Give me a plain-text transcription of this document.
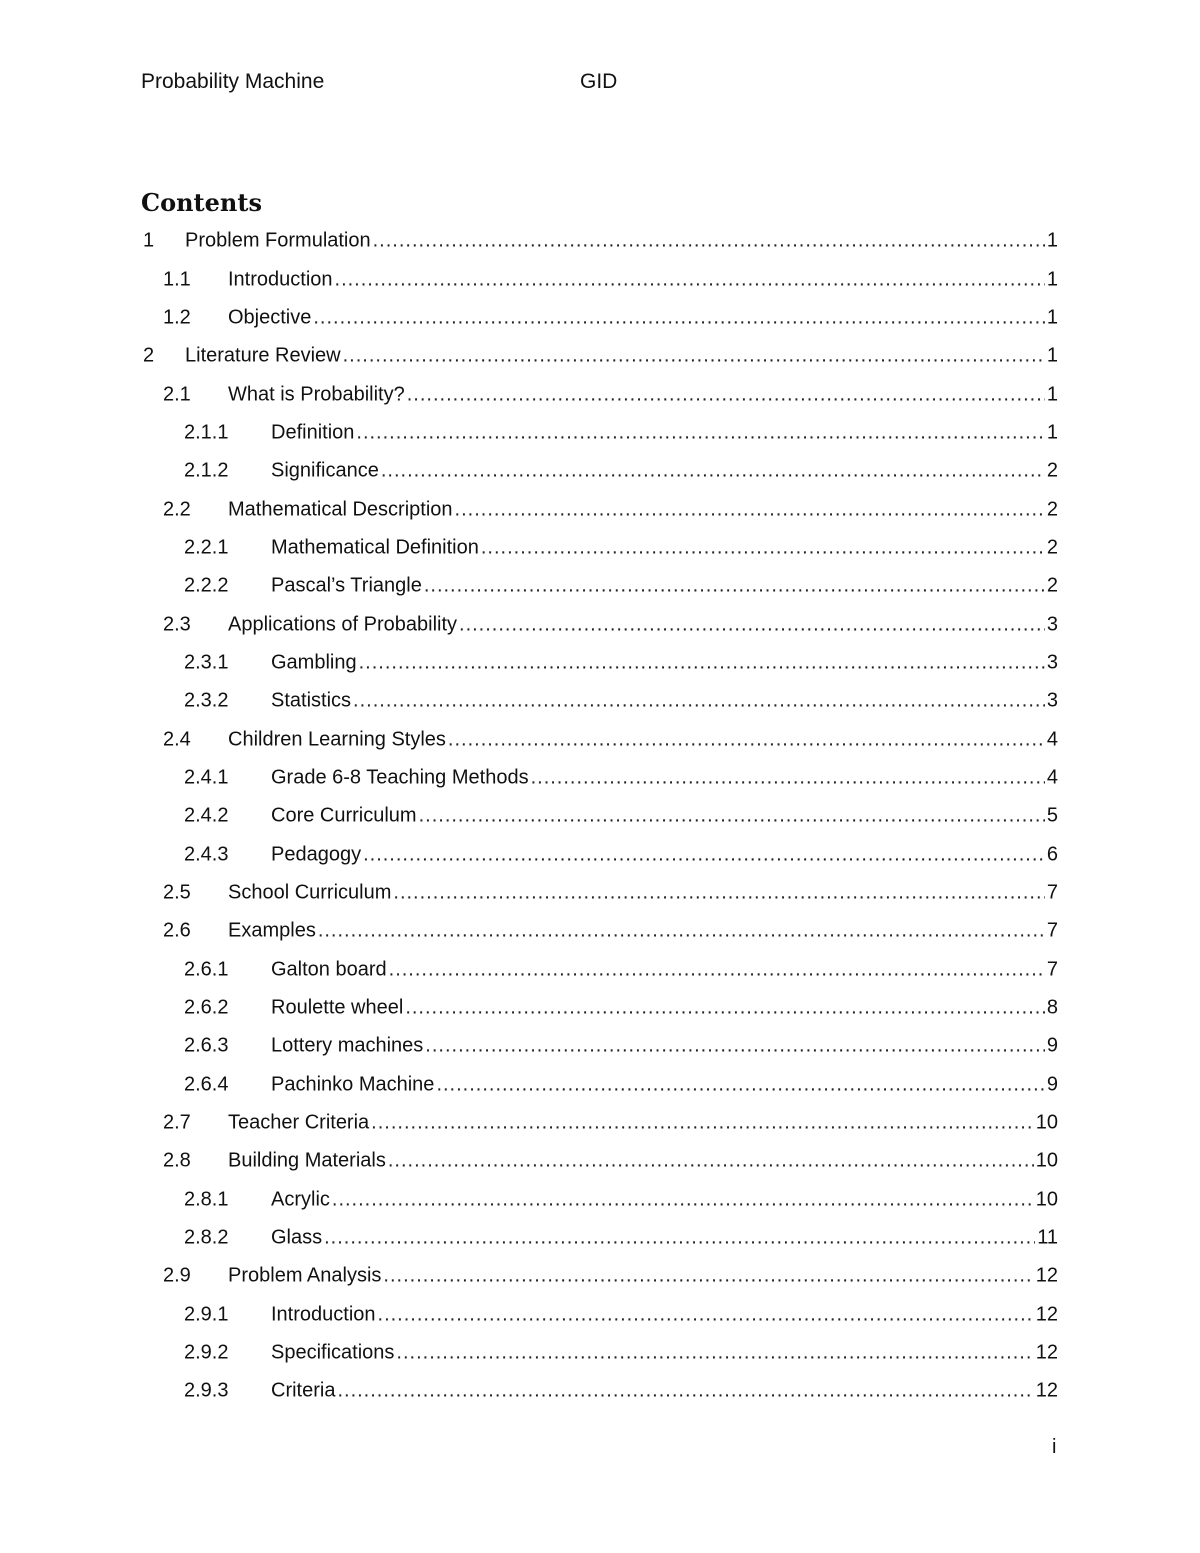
Probability Machine	GID
Contents
1 Problem Formulation .....	1
1.1 Introduction .....	1
1.2 Objective .....	1
2 Literature Review .....	1
2.1 What is Probability? .....	1
2.1.1 Definition .....	1
2.1.2 Significance .....	2
2.2 Mathematical Description .....	2
2.2.1 Mathematical Definition .....	2
2.2.2 Pascal’s Triangle .....	2
2.3 Applications of Probability .....	3
2.3.1 Gambling .....	3
2.3.2 Statistics .....	3
2.4 Children Learning Styles .....	4
2.4.1 Grade 6-8 Teaching Methods .....	4
2.4.2 Core Curriculum .....	5
2.4.3 Pedagogy .....	6
2.5 School Curriculum .....	7
2.6 Examples .....	7
2.6.1 Galton board .....	7
2.6.2 Roulette wheel .....	8
2.6.3 Lottery machines .....	9
2.6.4 Pachinko Machine .....	9
2.7 Teacher Criteria .....	10
2.8 Building Materials .....	10
2.8.1 Acrylic .....	10
2.8.2 Glass .....	11
2.9 Problem Analysis .....	12
2.9.1 Introduction .....	12
2.9.2 Specifications .....	12
2.9.3 Criteria .....	12
i
